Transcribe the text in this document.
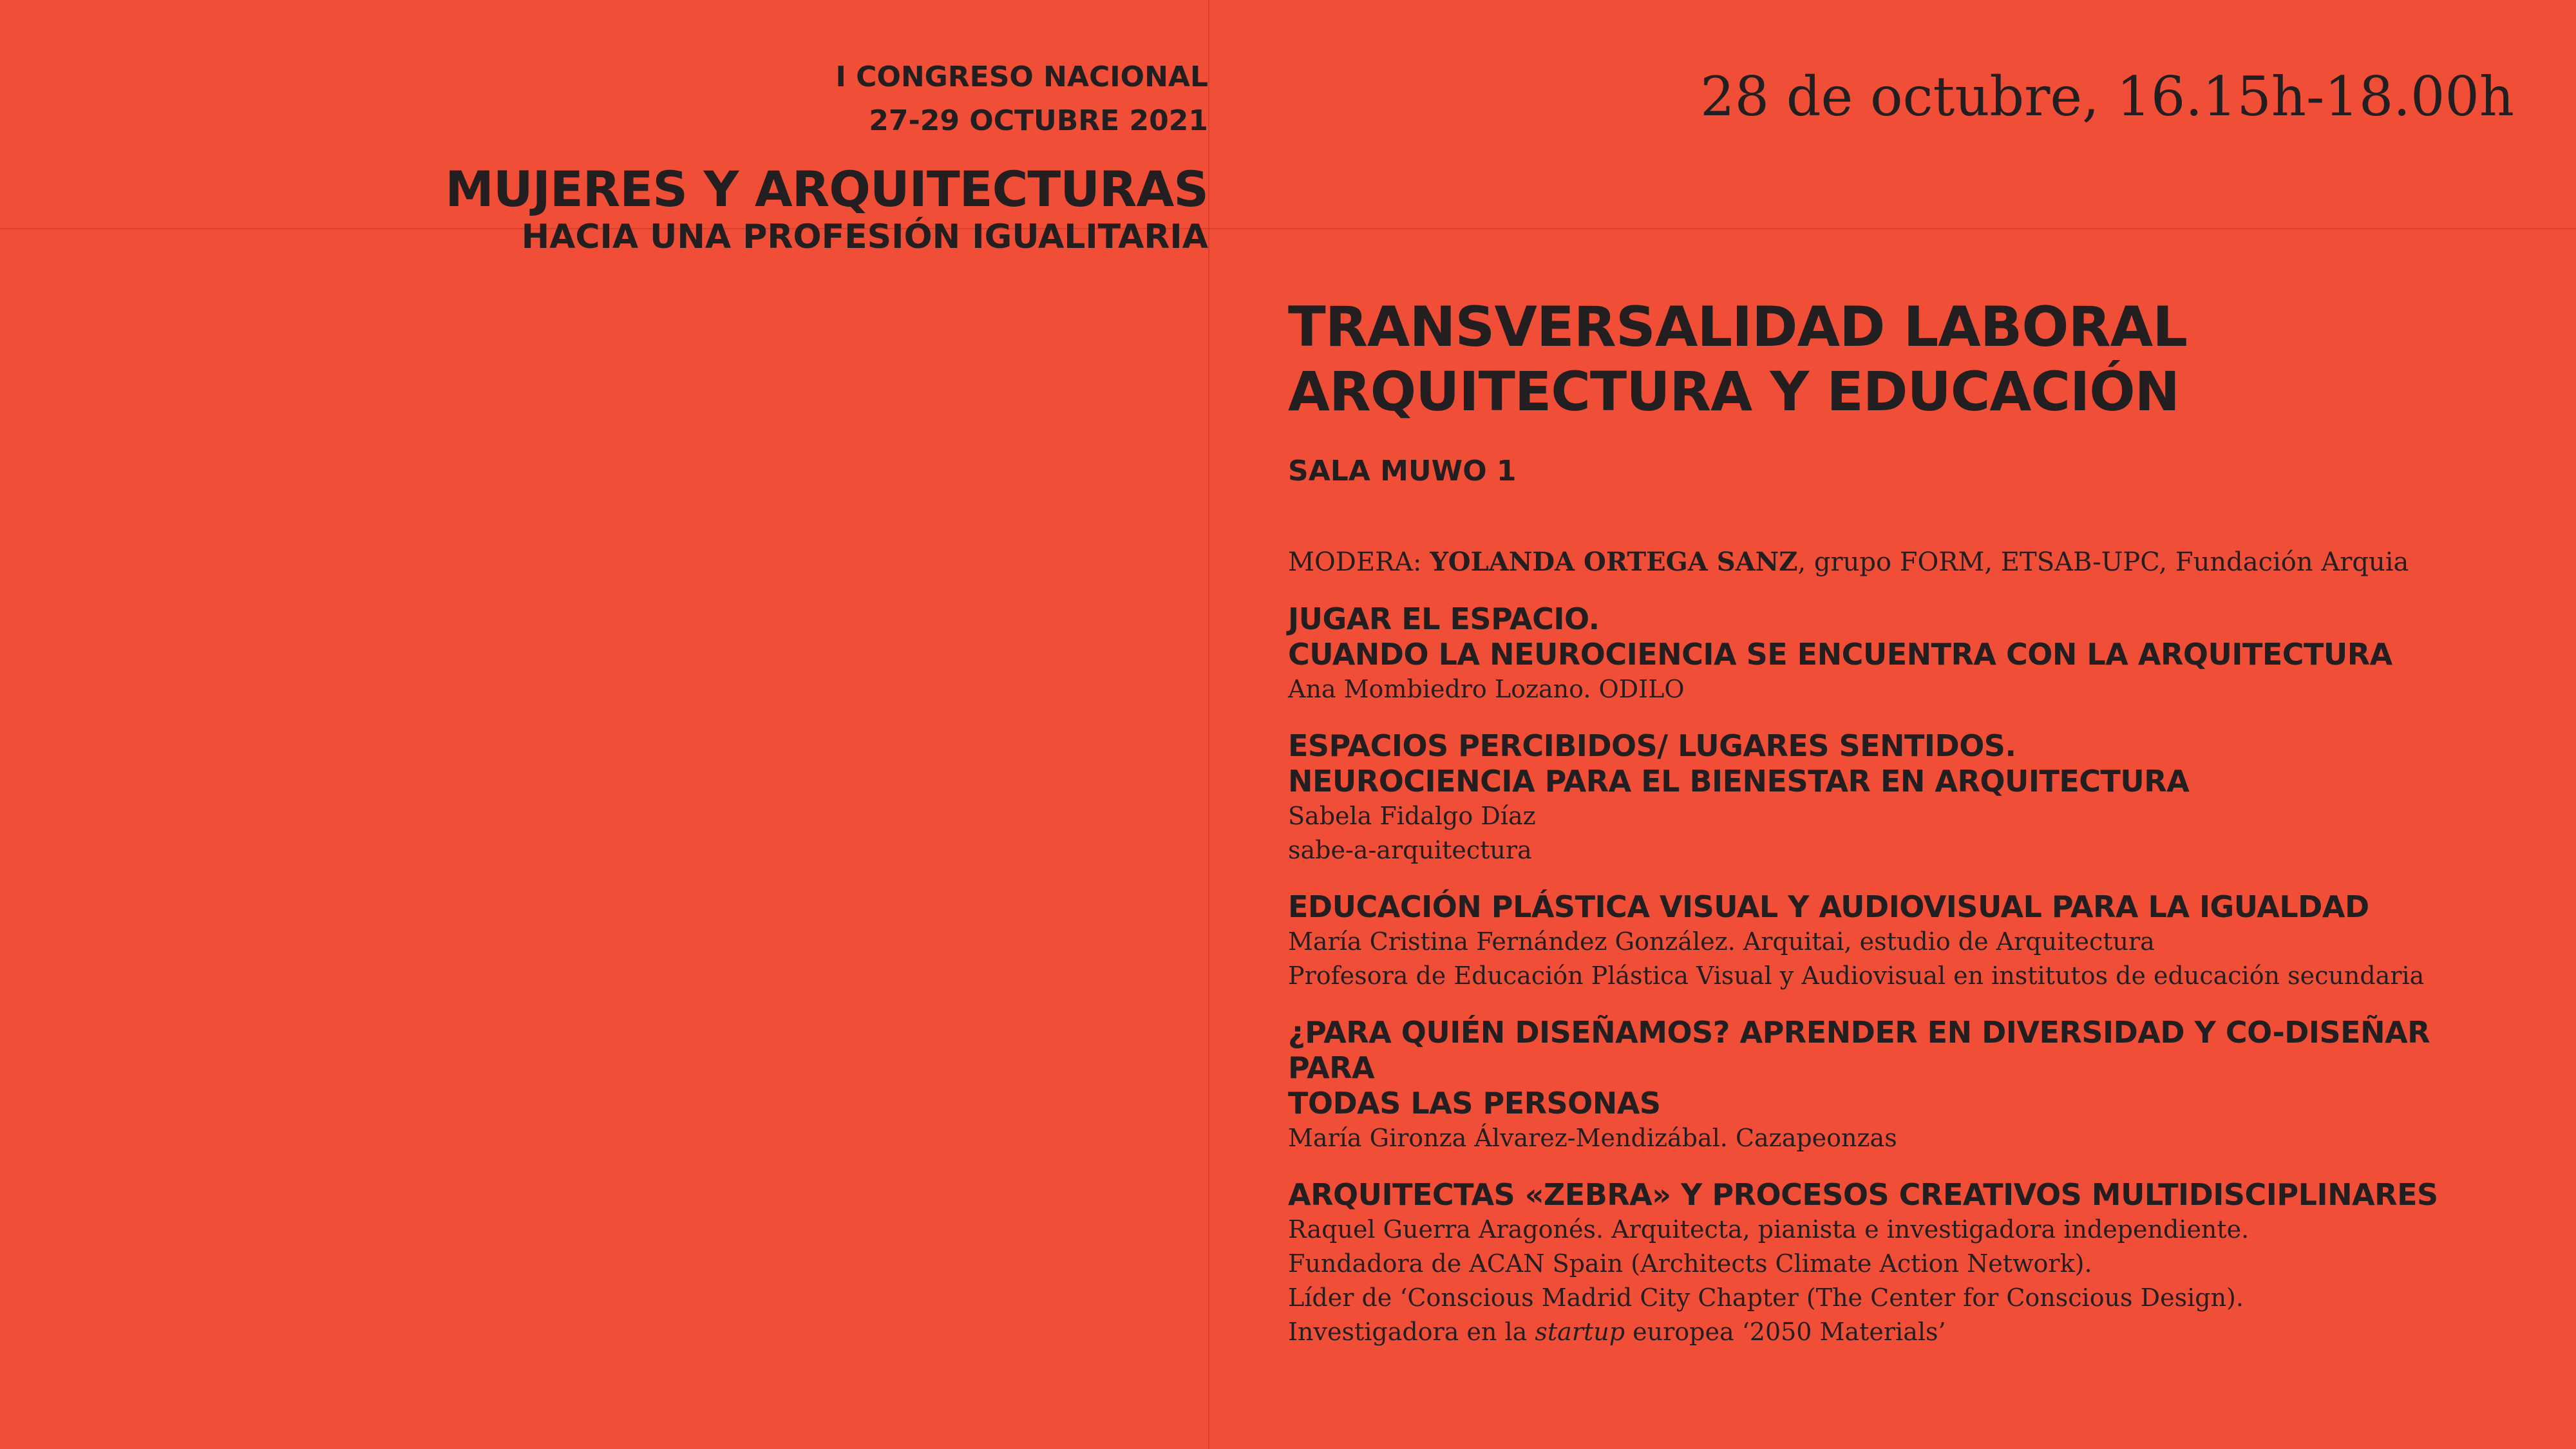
I CONGRESO NACIONAL
27-29 OCTUBRE 2021
MUJERES Y ARQUITECTURAS
HACIA UNA PROFESIÓN IGUALITARIA
28 de octubre, 16.15h-18.00h
TRANSVERSALIDAD LABORAL
ARQUITECTURA Y EDUCACIÓN
SALA MUWO 1
MODERA: YOLANDA ORTEGA SANZ, grupo FORM, ETSAB-UPC, Fundación Arquia
JUGAR EL ESPACIO.
CUANDO LA NEUROCIENCIA SE ENCUENTRA CON LA ARQUITECTURA
Ana Mombiedro Lozano. ODILO
ESPACIOS PERCIBIDOS/ LUGARES SENTIDOS.
NEUROCIENCIA PARA EL BIENESTAR EN ARQUITECTURA
Sabela Fidalgo Díaz
sabe-a-arquitectura
EDUCACIÓN PLÁSTICA VISUAL Y AUDIOVISUAL PARA LA IGUALDAD
María Cristina Fernández González. Arquitai, estudio de Arquitectura
Profesora de Educación Plástica Visual y Audiovisual en institutos de educación secundaria
¿PARA QUIÉN DISEÑAMOS? APRENDER EN DIVERSIDAD Y CO-DISEÑAR PARA
TODAS LAS PERSONAS
María Gironza Álvarez-Mendizábal. Cazapeonzas
ARQUITECTAS «ZEBRA» Y PROCESOS CREATIVOS MULTIDISCIPLINARES
Raquel Guerra Aragonés. Arquitecta, pianista e investigadora independiente.
Fundadora de ACAN Spain (Architects Climate Action Network).
Líder de ‘Conscious Madrid City Chapter (The Center for Conscious Design).
Investigadora en la startup europea ‘2050 Materials’
